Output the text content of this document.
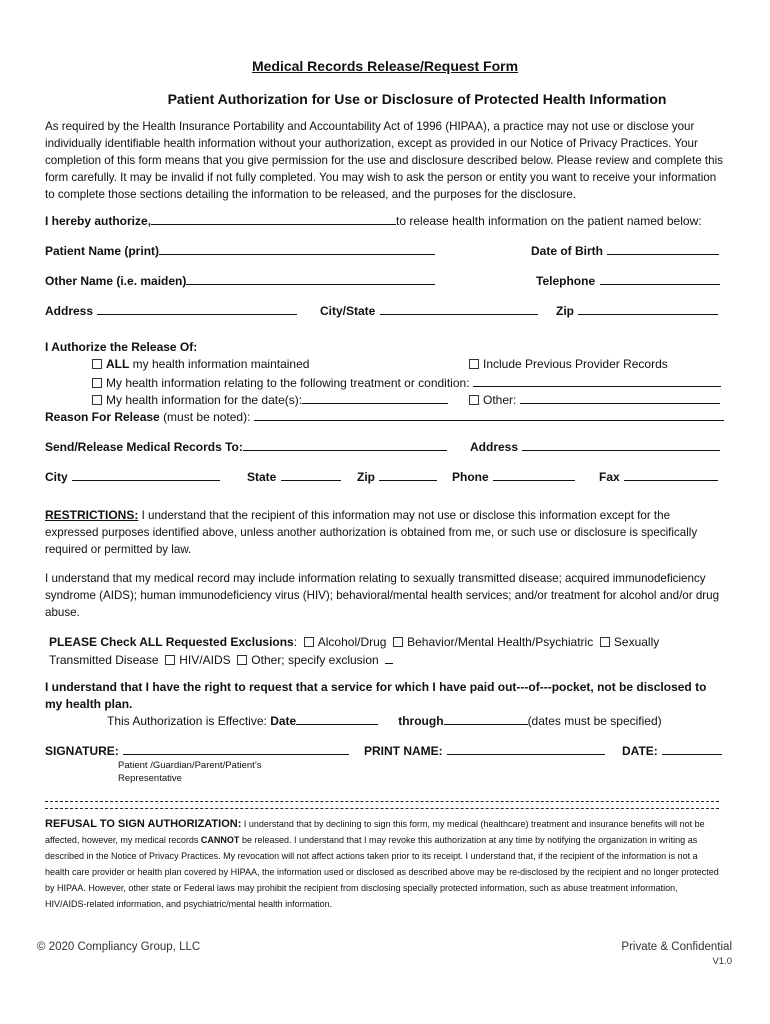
Medical Records Release/Request Form
Patient Authorization for Use or Disclosure of Protected Health Information
As required by the Health Insurance Portability and Accountability Act of 1996 (HIPAA), a practice may not use or disclose your individually identifiable health information without your authorization, except as provided in our Notice of Privacy Practices. Your completion of this form means that you give permission for the use and disclosure described below. Please review and complete this form carefully. It may be invalid if not fully completed. You may wish to ask the person or entity you want to receive your information to complete those sections detailing the information to be released, and the purposes for the disclosure.
I hereby authorize,	to release health information on the patient named below:
Patient Name (print)	Date of Birth
Other Name (i.e. maiden)	Telephone
Address	City/State	Zip
I Authorize the Release Of:
ALL my health information maintained	Include Previous Provider Records
My health information relating to the following treatment or condition:
My health information for the date(s):	Other:
Reason For Release (must be noted):
Send/Release Medical Records To:	Address
City	State	Zip	Phone	Fax
RESTRICTIONS: I understand that the recipient of this information may not use or disclose this information except for the expressed purposes identified above, unless another authorization is obtained from me, or such use or disclosure is specifically required or permitted by law.
I understand that my medical record may include information relating to sexually transmitted disease; acquired immunodeficiency syndrome (AIDS); human immunodeficiency virus (HIV); behavioral/mental health services; and/or treatment for alcohol and/or drug abuse.
PLEASE Check ALL Requested Exclusions: Alcohol/Drug Behavior/Mental Health/Psychiatric Sexually
Transmitted Disease HIV/AIDS Other; specify exclusion
I understand that I have the right to request that a service for which I have paid out---of---pocket, not be disclosed to my health plan.
This Authorization is Effective: Date	through	(dates must be specified)
SIGNATURE:	PRINT NAME:	DATE:
Patient /Guardian/Parent/Patient’s
Representative
REFUSAL TO SIGN AUTHORIZATION: I understand that by declining to sign this form, my medical (healthcare) treatment and insurance benefits will not be affected, however, my medical records CANNOT be released. I understand that I may revoke this authorization at any time by notifying the organization in writing as described in the Notice of Privacy Practices. My revocation will not affect actions taken prior to its receipt. I understand that, if the recipient of the information is not a health care provider or health plan covered by HIPAA, the information used or disclosed as described above may be re-disclosed by the recipient and no longer protected by HIPAA. However, other state or Federal laws may prohibit the recipient from disclosing specially protected information, such as abuse treatment information, HIV/AIDS-related information, and psychiatric/mental health information.
© 2020 Compliancy Group, LLC	Private & Confidential
V1.0
